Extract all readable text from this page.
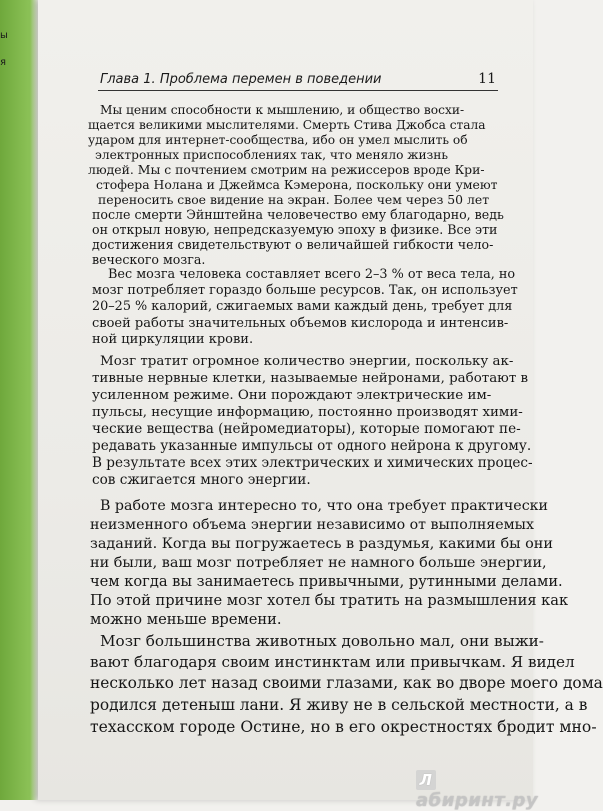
ы
я
Глава 1. Проблема перемен в поведении	11
Мы ценим способности к мышлению, и общество восхи-
щается великими мыслителями. Смерть Стива Джобса стала
ударом для интернет-сообщества, ибо он умел мыслить об
электронных приспособлениях так, что меняло жизнь
людей. Мы с почтением смотрим на режиссеров вроде Кри-
стофера Нолана и Джеймса Кэмерона, поскольку они умеют
переносить свое видение на экран. Более чем через 50 лет
после смерти Эйнштейна человечество ему благодарно, ведь
он открыл новую, непредсказуемую эпоху в физике. Все эти
достижения свидетельствуют о величайшей гибкости чело-
веческого мозга.
Вес мозга человека составляет всего 2–3 % от веса тела, но
мозг потребляет гораздо больше ресурсов. Так, он использует
20–25 % калорий, сжигаемых вами каждый день, требует для
своей работы значительных объемов кислорода и интенсив-
ной циркуляции крови.
Мозг тратит огромное количество энергии, поскольку ак-
тивные нервные клетки, называемые нейронами, работают в
усиленном режиме. Они порождают электрические им-
пульсы, несущие информацию, постоянно производят хими-
ческие вещества (нейромедиаторы), которые помогают пе-
редавать указанные импульсы от одного нейрона к другому.
В результате всех этих электрических и химических процес-
сов сжигается много энергии.
В работе мозга интересно то, что она требует практически
неизменного объема энергии независимо от выполняемых
заданий. Когда вы погружаетесь в раздумья, какими бы они
ни были, ваш мозг потребляет не намного больше энергии,
чем когда вы занимаетесь привычными, рутинными делами.
По этой причине мозг хотел бы тратить на размышления как
можно меньше времени.
Мозг большинства животных довольно мал, они выжи-
вают благодаря своим инстинктам или привычкам. Я видел
несколько лет назад своими глазами, как во дворе моего дома
родился детеныш лани. Я живу не в сельской местности, а в
техасском городе Остине, но в его окрестностях бродит мно-
Лабиринт.ру
